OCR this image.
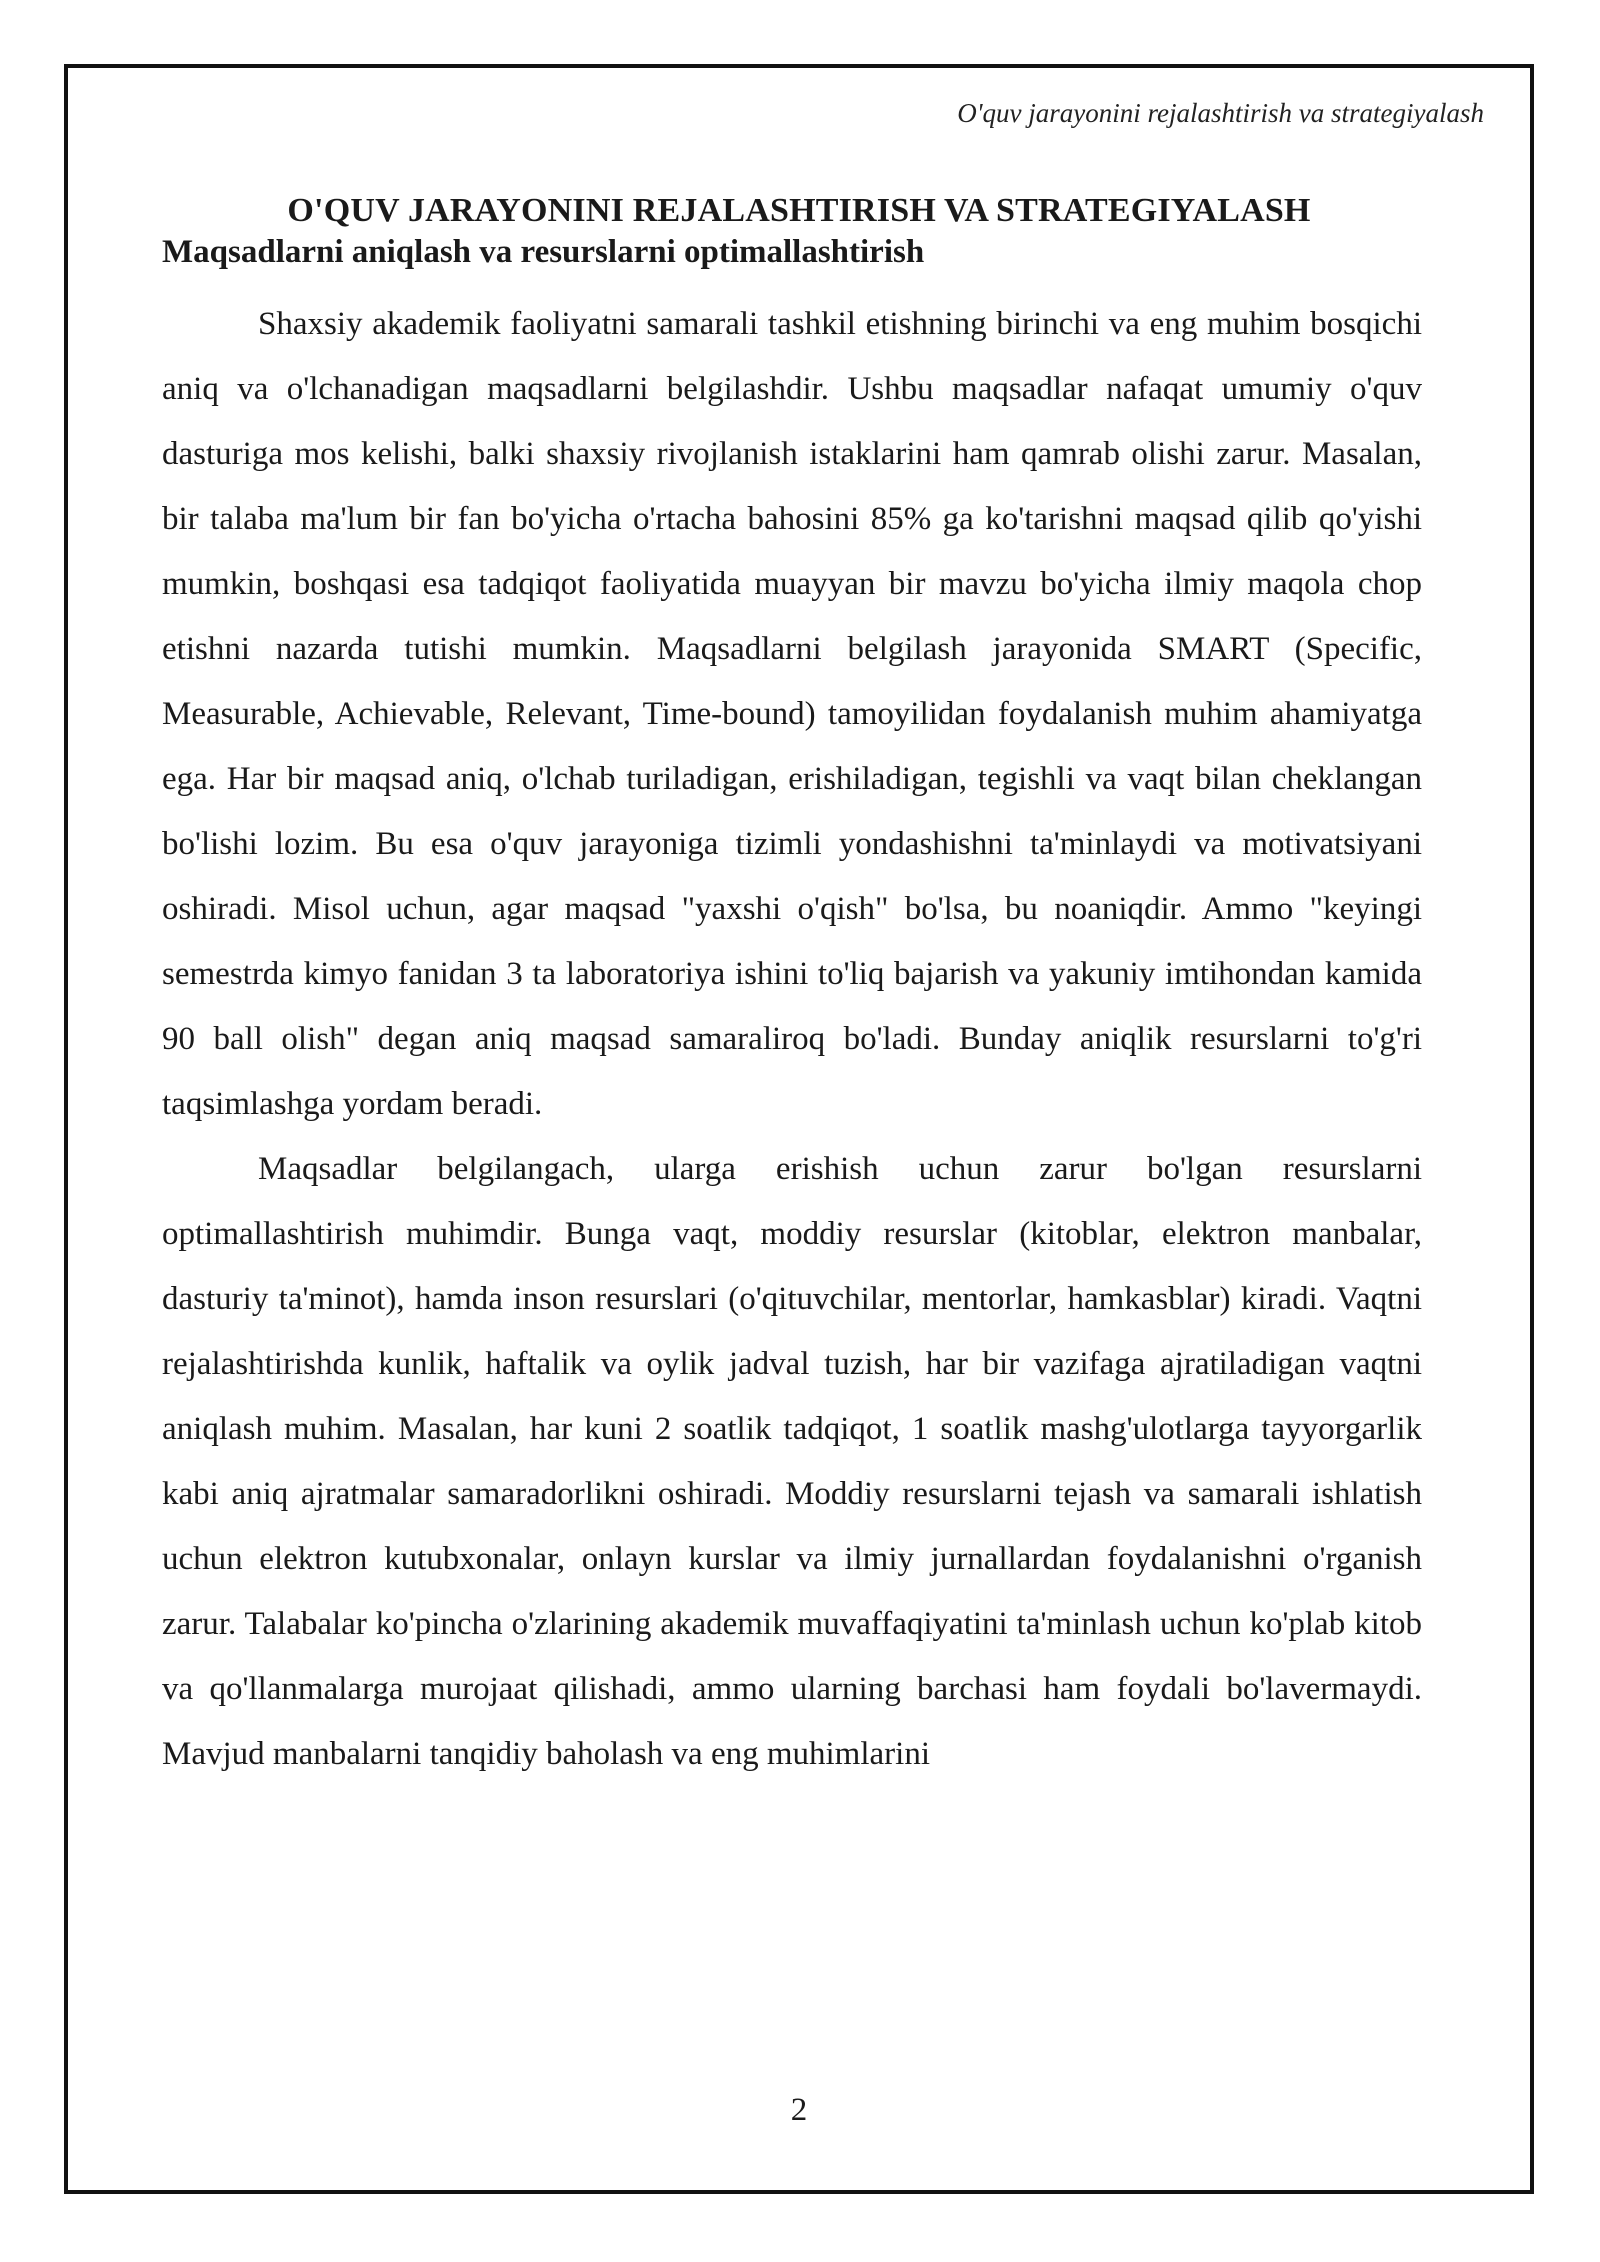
O'quv jarayonini rejalashtirish va strategiyalash
O'QUV JARAYONINI REJALASHTIRISH VA STRATEGIYALASH
2
Maqsadlarni aniqlash va resurslarni optimallashtirish

Shaxsiy akademik faoliyatni samarali tashkil etishning birinchi va eng muhim bosqichi aniq va o'lchanadigan maqsadlarni belgilashdir. Ushbu maqsadlar nafaqat umumiy o'quv dasturiga mos kelishi, balki shaxsiy rivojlanish istaklarini ham qamrab olishi zarur. Masalan, bir talaba ma'lum bir fan bo'yicha o'rtacha bahosini 85% ga ko'tarishni maqsad qilib qo'yishi mumkin, boshqasi esa tadqiqot faoliyatida muayyan bir mavzu bo'yicha ilmiy maqola chop etishni nazarda tutishi mumkin. Maqsadlarni belgilash jarayonida SMART (Specific, Measurable, Achievable, Relevant, Time-bound) tamoyilidan foydalanish muhim ahamiyatga ega. Har bir maqsad aniq, o'lchab turiladigan, erishiladigan, tegishli va vaqt bilan cheklangan bo'lishi lozim. Bu esa o'quv jarayoniga tizimli yondashishni ta'minlaydi va motivatsiyani oshiradi. Misol uchun, agar maqsad "yaxshi o'qish" bo'lsa, bu noaniqdir. Ammo "keyingi semestrda kimyo fanidan 3 ta laboratoriya ishini to'liq bajarish va yakuniy imtihondan kamida 90 ball olish" degan aniq maqsad samaraliroq bo'ladi. Bunday aniqlik resurslarni to'g'ri taqsimlashga yordam beradi.

Maqsadlar belgilangach, ularga erishish uchun zarur bo'lgan resurslarni optimallashtirish muhimdir. Bunga vaqt, moddiy resurslar (kitoblar, elektron manbalar, dasturiy ta'minot), hamda inson resurslari (o'qituvchilar, mentorlar, hamkasblar) kiradi. Vaqtni rejalashtirishda kunlik, haftalik va oylik jadval tuzish, har bir vazifaga ajratiladigan vaqtni aniqlash muhim. Masalan, har kuni 2 soatlik tadqiqot, 1 soatlik mashg'ulotlarga tayyorgarlik kabi aniq ajratmalar samaradorlikni oshiradi. Moddiy resurslarni tejash va samarali ishlatish uchun elektron kutubxonalar, onlayn kurslar va ilmiy jurnallardan foydalanishni o'rganish zarur. Talabalar ko'pincha o'zlarining akademik muvaffaqiyatini ta'minlash uchun ko'plab kitob va qo'llanmalarga murojaat qilishadi, ammo ularning barchasi ham foydali bo'lavermaydi. Mavjud manbalarni tanqidiy baholash va eng muhimlarini
